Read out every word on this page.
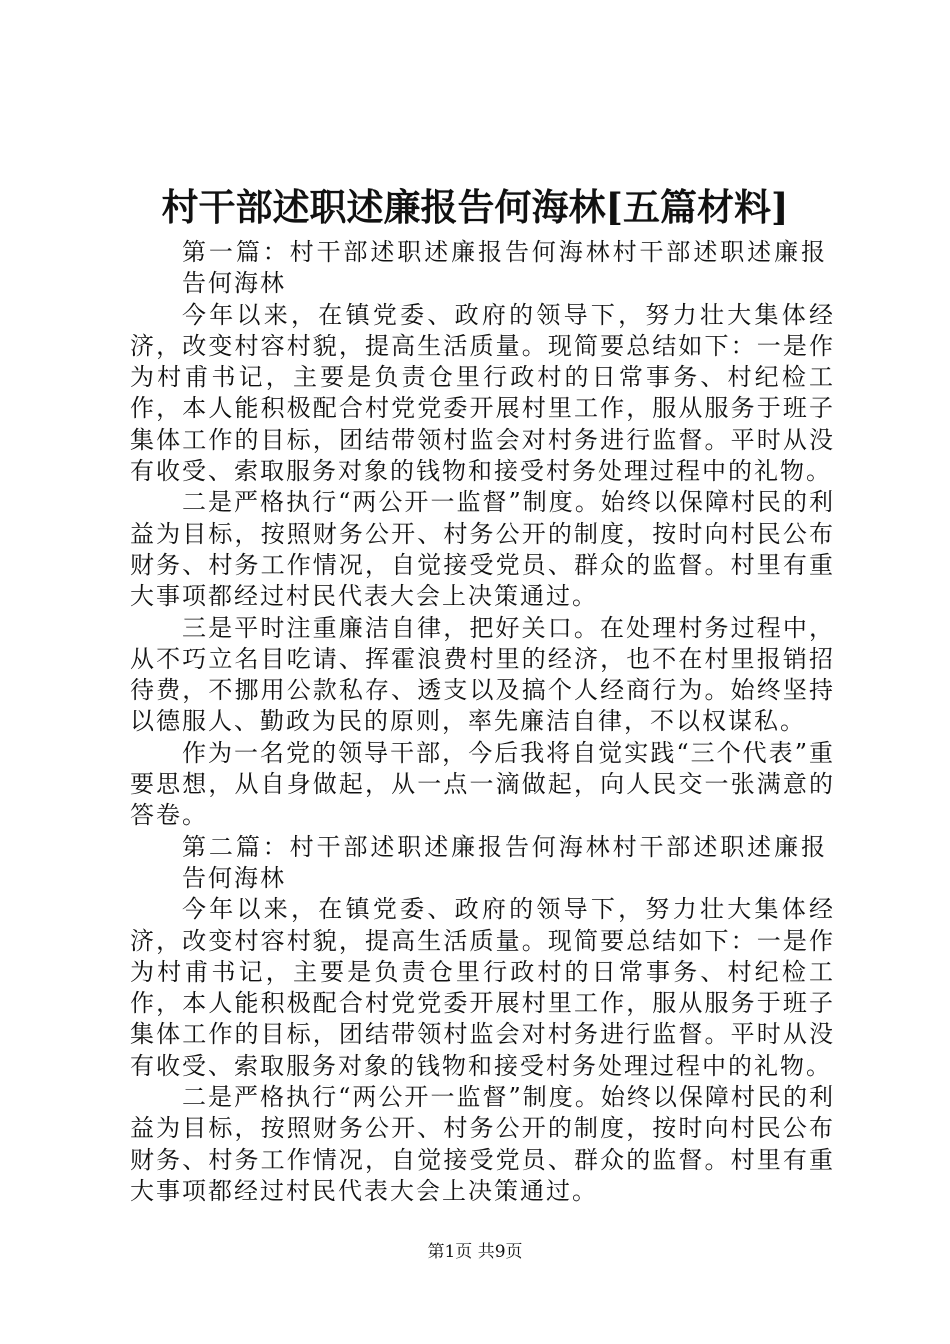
村干部述职述廉报告何海林[五篇材料]

第一篇：村干部述职述廉报告何海林村干部述职述廉报告何海林

今年以来，在镇党委、政府的领导下，努力壮大集体经济，改变村容村貌，提高生活质量。现简要总结如下：一是作为村甫书记，主要是负责仓里行政村的日常事务、村纪检工作，本人能积极配合村党党委开展村里工作，服从服务于班子集体工作的目标，团结带领村监会对村务进行监督。平时从没有收受、索取服务对象的钱物和接受村务处理过程中的礼物。

二是严格执行“两公开一监督”制度。始终以保障村民的利益为目标，按照财务公开、村务公开的制度，按时向村民公布财务、村务工作情况，自觉接受党员、群众的监督。村里有重大事项都经过村民代表大会上决策通过。

三是平时注重廉洁自律，把好关口。在处理村务过程中，从不巧立名目吃请、挥霍浪费村里的经济，也不在村里报销招待费，不挪用公款私存、透支以及搞个人经商行为。始终坚持以德服人、勤政为民的原则，率先廉洁自律，不以权谋私。

作为一名党的领导干部，今后我将自觉实践“三个代表”重要思想，从自身做起，从一点一滴做起，向人民交一张满意的答卷。

第二篇：村干部述职述廉报告何海林村干部述职述廉报告何海林

今年以来，在镇党委、政府的领导下，努力壮大集体经济，改变村容村貌，提高生活质量。现简要总结如下：一是作为村甫书记，主要是负责仓里行政村的日常事务、村纪检工作，本人能积极配合村党党委开展村里工作，服从服务于班子集体工作的目标，团结带领村监会对村务进行监督。平时从没有收受、索取服务对象的钱物和接受村务处理过程中的礼物。

二是严格执行“两公开一监督”制度。始终以保障村民的利益为目标，按照财务公开、村务公开的制度，按时向村民公布财务、村务工作情况，自觉接受党员、群众的监督。村里有重大事项都经过村民代表大会上决策通过。

第1页 共9页
